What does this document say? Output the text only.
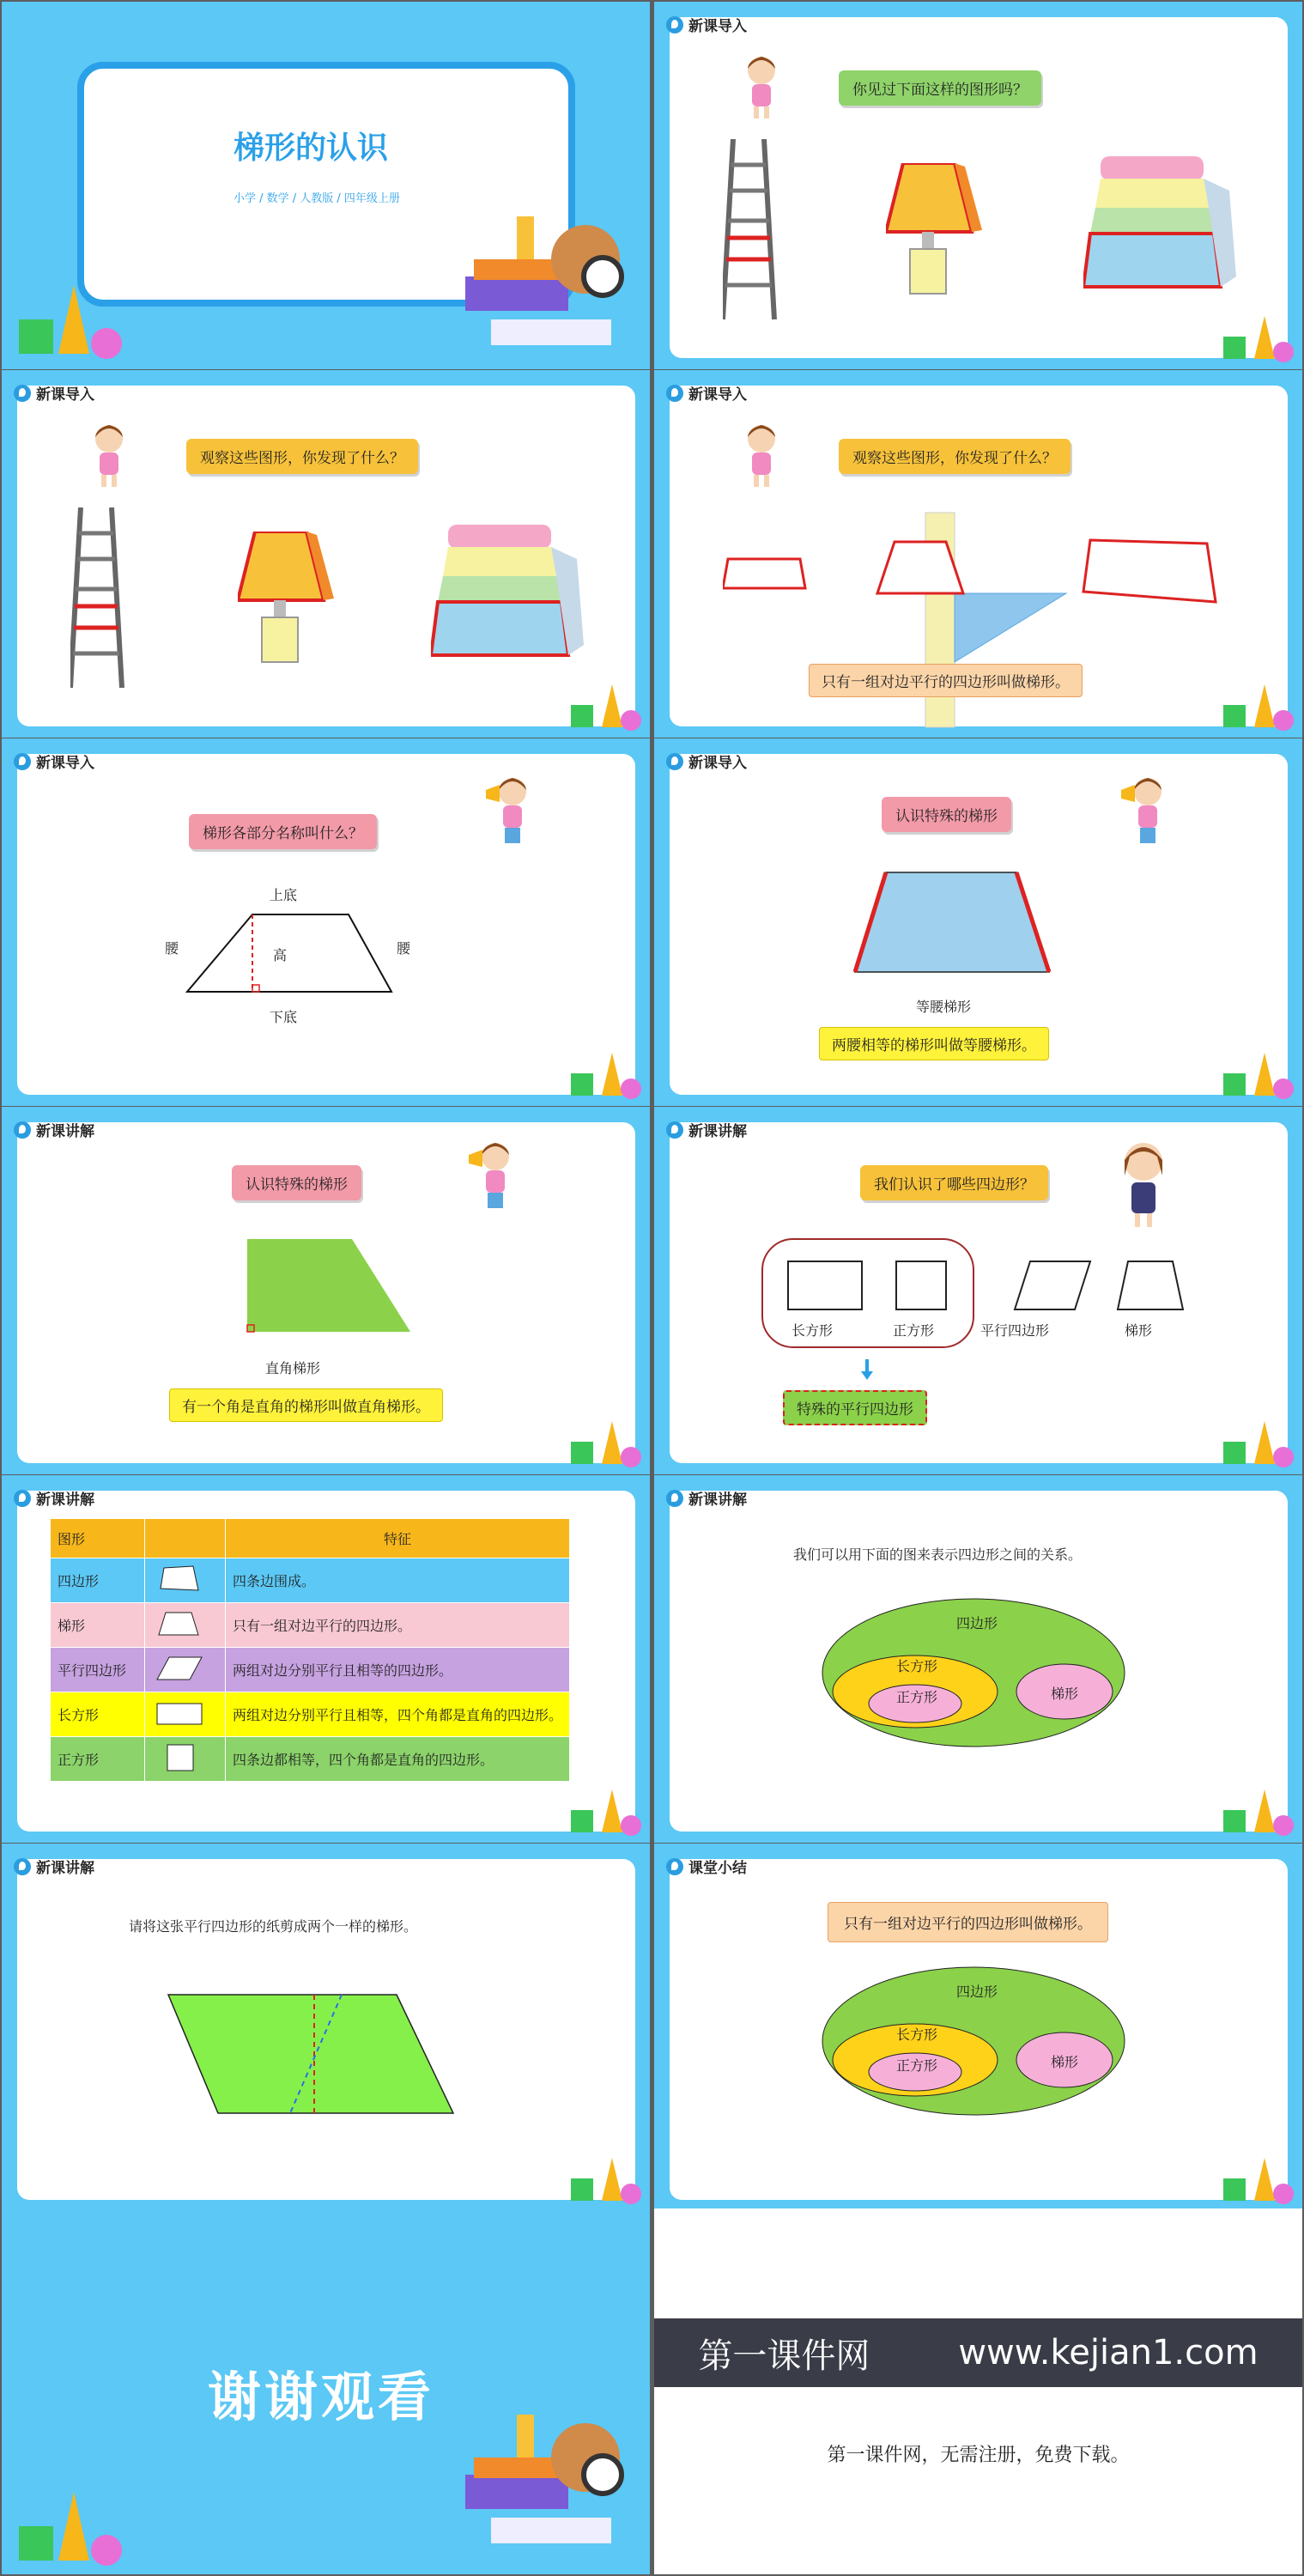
梯形的认识
小学 / 数学 / 人教版 / 四年级上册
新课导入
你见过下面这样的图形吗？
新课导入
观察这些图形，你发现了什么？
新课导入
观察这些图形，你发现了什么？
只有一组对边平行的四边形叫做梯形。
新课导入
梯形各部分名称叫什么？
上底
下底
高
腰	腰
新课导入
认识特殊的梯形
等腰梯形
两腰相等的梯形叫做等腰梯形。
新课讲解
认识特殊的梯形
直角梯形
有一个角是直角的梯形叫做直角梯形。
新课讲解
我们认识了哪些四边形？
长方形	正方形	平行四边形	梯形
特殊的平行四边形
新课讲解
图形		特征
四边形		四条边围成。
梯形		只有一组对边平行的四边形。
平行四边形		两组对边分别平行且相等的四边形。
长方形		两组对边分别平行且相等，四个角都是直角的四边形。
正方形		四条边都相等，四个角都是直角的四边形。
新课讲解
我们可以用下面的图来表示四边形之间的关系。
四边形
长方形
正方形	梯形
新课讲解
请将这张平行四边形的纸剪成两个一样的梯形。
课堂小结
只有一组对边平行的四边形叫做梯形。
四边形
长方形
正方形	梯形
谢谢观看
第一课件网	www.kejian1.com
第一课件网，无需注册，免费下载。
